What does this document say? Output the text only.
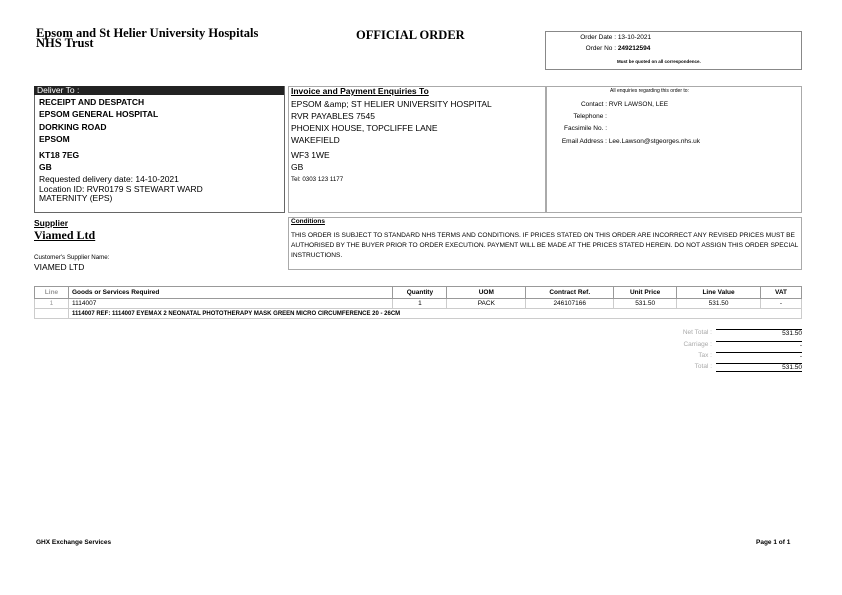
Epsom and St Helier University Hospitals
NHS Trust
OFFICIAL ORDER	Order Date : 13-10-2021
Order No : 249212594
Must be quoted on all correspondence.
Deliver To :
RECEIPT AND DESPATCH
EPSOM GENERAL HOSPITAL
DORKING ROAD
EPSOM
KT18 7EG
GB
Requested delivery date: 14-10-2021
Location ID: RVR0179 S STEWART WARD
MATERNITY (EPS)
Invoice and Payment Enquiries To
EPSOM &amp; ST HELIER UNIVERSITY HOSPITAL
RVR PAYABLES 7545
PHOENIX HOUSE, TOPCLIFFE LANE
WAKEFIELD
WF3 1WE
GB
Tel: 0303 123 1177
All enquiries regarding this order to:
Contact : RVR LAWSON, LEE
Telephone :
Facsimile No. :
Email Address : Lee.Lawson@stgeorges.nhs.uk
Supplier
Viamed Ltd
Customer's Supplier Name:
VIAMED LTD
Conditions
THIS ORDER IS SUBJECT TO STANDARD NHS TERMS AND CONDITIONS. IF PRICES STATED ON THIS ORDER ARE INCORRECT ANY REVISED PRICES MUST BE AUTHORISED BY THE BUYER PRIOR TO ORDER EXECUTION. PAYMENT WILL BE MADE AT THE PRICES STATED HEREIN. DO NOT ASSIGN THIS ORDER SPECIAL INSTRUCTIONS.
Line	Goods or Services Required	Quantity	UOM	Contract Ref.	Unit Price	Line Value	VAT
1	1114007	1	PACK	246107166	531.50	531.50	-
	1114007 REF: 1114007 EYEMAX 2 NEONATAL PHOTOTHERAPY MASK GREEN MICRO CIRCUMFERENCE 20 - 26CM						
Net Total :	531.50
Carriage :	-
Tax :	-
Total :	531.50
GHX Exchange Services	Page 1 of 1
